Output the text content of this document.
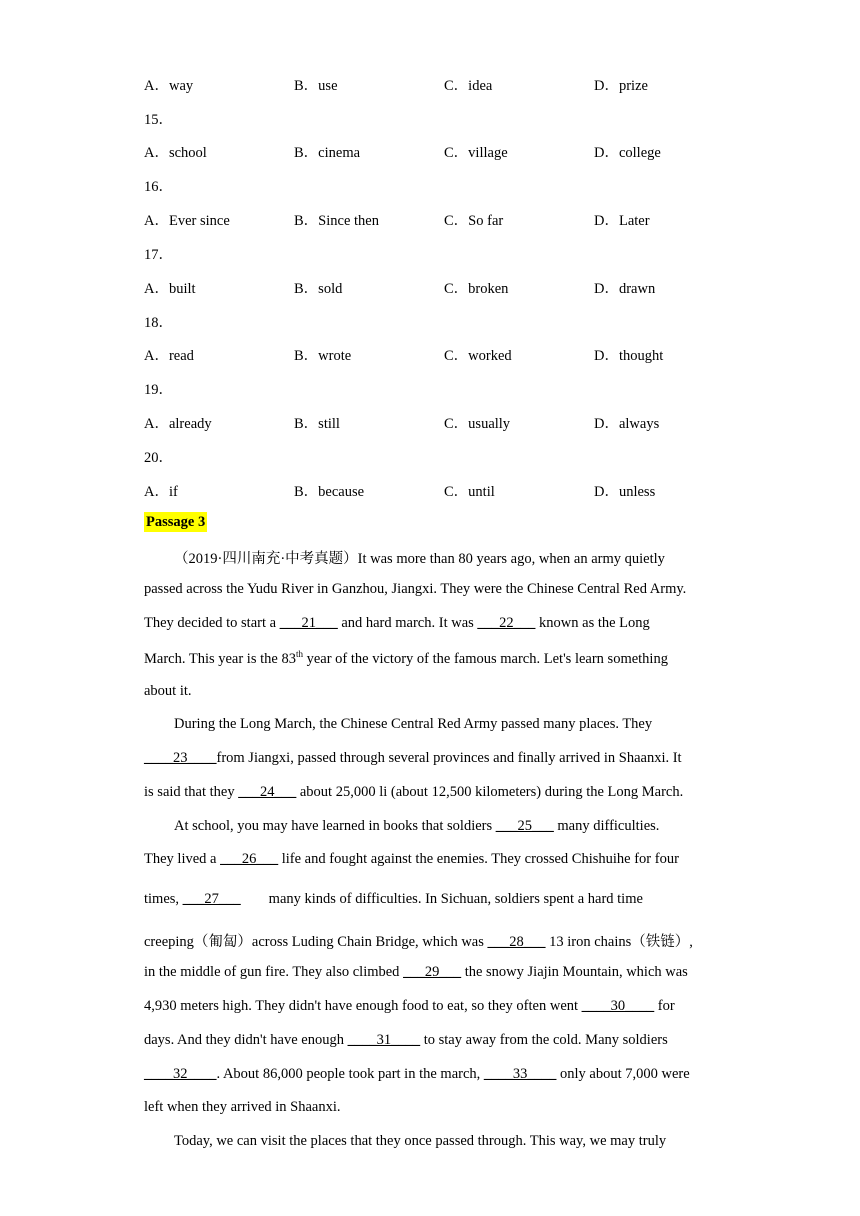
A．way	B．use	C．idea	D．prize
15．
A．school	B．cinema	C．village	D．college
16．
A．Ever since	B．Since then	C．So far	D．Later
17．
A．built	B．sold	C．broken	D．drawn
18．
A．read	B．wrote	C．worked	D．thought
19．
A．already	B．still	C．usually	D．always
20．
A．if	B．because	C．until	D．unless
Passage 3
（2019·四川南充·中考真题）It was more than 80 years ago, when an army quietly
passed across the Yudu River in Ganzhou, Jiangxi. They were the Chinese Central Red Army.
They decided to start a ___21___ and hard march. It was ___22___ known as the Long
March. This year is the 83th year of the victory of the famous march. Let's learn something
about it.
During the Long March, the Chinese Central Red Army passed many places. They
____23____from Jiangxi, passed through several provinces and finally arrived in Shaanxi. It
is said that they ___24___ about 25,000 li (about 12,500 kilometers) during the Long March.
At school, you may have learned in books that soldiers ___25___ many difficulties.
They lived a ___26___ life and fought against the enemies. They crossed Chishuihe for four
times, ___27___ many kinds of difficulties. In Sichuan, soldiers spent a hard time
creeping（匍匐）across Luding Chain Bridge, which was ___28___ 13 iron chains（铁链）,
in the middle of gun fire. They also climbed ___29___ the snowy Jiajin Mountain, which was
4,930 meters high. They didn't have enough food to eat, so they often went ____30____ for
days. And they didn't have enough ____31____ to stay away from the cold. Many soldiers
____32____. About 86,000 people took part in the march, ____33____ only about 7,000 were
left when they arrived in Shaanxi.
Today, we can visit the places that they once passed through. This way, we may truly
